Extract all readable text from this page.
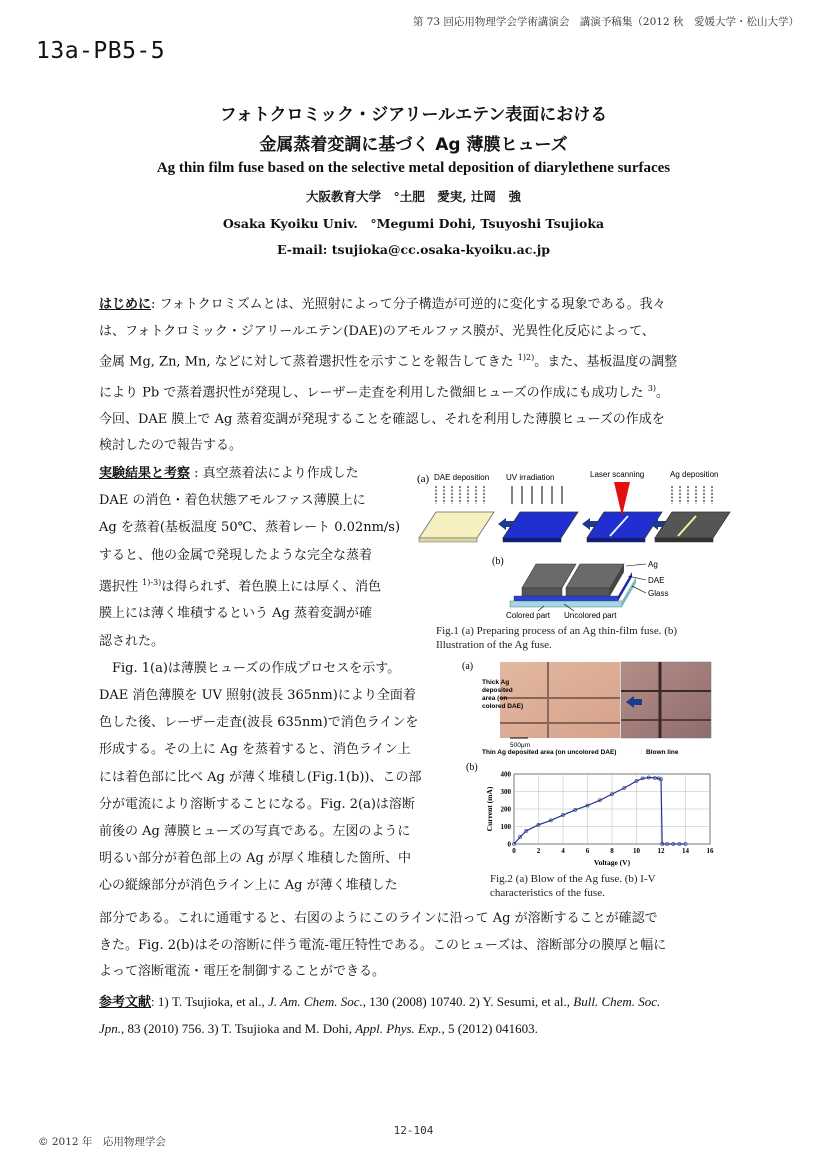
第 73 回応用物理学会学術講演会　講演予稿集（2012 秋　愛媛大学・松山大学）
13a-PB5-5
フォトクロミック・ジアリールエテン表面における
金属蒸着変調に基づく Ag 薄膜ヒューズ
Ag thin film fuse based on the selective metal deposition of diarylethene surfaces
大阪教育大学　°土肥　愛実, 辻岡　強
Osaka Kyoiku Univ.　°Megumi Dohi, Tsuyoshi Tsujioka
E-mail: tsujioka@cc.osaka-kyoiku.ac.jp
はじめに: フォトクロミズムとは、光照射によって分子構造が可逆的に変化する現象である。我々
は、フォトクロミック・ジアリールエテン(DAE)のアモルファス膜が、光異性化反応によって、
金属 Mg, Zn, Mn, などに対して蒸着選択性を示すことを報告してきた $^{1)2)}$。また、基板温度の調整
により Pb で蒸着選択性が発現し、レーザー走査を利用した微細ヒューズの作成にも成功した $^{3)}$。
今回、DAE 膜上で Ag 蒸着変調が発現することを確認し、それを利用した薄膜ヒューズの作成を
検討したので報告する。
実験結果と考察 : 真空蒸着法により作成した
DAE の消色・着色状態アモルファス薄膜上に
Ag を蒸着(基板温度 50℃、蒸着レート 0.02nm/s)
すると、他の金属で発現したような完全な蒸着
選択性 $^{1)-3)}$は得られず、着色膜上には厚く、消色
膜上には薄く堆積するという Ag 蒸着変調が確
認された。
　Fig. 1(a)は薄膜ヒューズの作成プロセスを示す。
DAE 消色薄膜を UV 照射(波長 365nm)により全面着
色した後、レーザー走査(波長 635nm)で消色ラインを
形成する。その上に Ag を蒸着すると、消色ライン上
には着色部に比べ Ag が薄く堆積し(Fig.1(b))、この部
分が電流により溶断することになる。Fig. 2(a)は溶断
前後の Ag 薄膜ヒューズの写真である。左図のように
明るい部分が着色部上の Ag が厚く堆積した箇所、中
心の縦線部分が消色ライン上に Ag が薄く堆積した
部分である。これに通電すると、右図のようにこのラインに沿って Ag が溶断することが確認で
きた。Fig. 2(b)はその溶断に伴う電流-電圧特性である。このヒューズは、溶断部分の膜厚と幅に
よって溶断電流・電圧を制御することができる。
参考文献: 1) T. Tsujioka, et al., J. Am. Chem. Soc., 130 (2008) 10740. 2) Y. Sesumi, et al., Bull. Chem. Soc.
Jpn., 83 (2010) 756. 3) T. Tsujioka and M. Dohi, Appl. Phys. Exp., 5 (2012) 041603.
(a) DAE deposition UV irradiation	Laser scanning	Ag deposition
(b)	Ag
DAE
Glass
Colored part Uncolored part
Fig.1 (a) Preparing process of an Ag thin-film fuse. (b)
Illustration of the Ag fuse.
(a)
Thick Ag
deposited
area (on
colored DAE)
500μm
Thin Ag deposited area (on uncolored DAE)	Blown line
(b)
0	2	4	6	8	10	12	14	16
0
100
200
300
400
Voltage (V)
Current (mA)
Fig.2 (a) Blow of the Ag fuse. (b) I-V
characteristics of the fuse.
© 2012 年　応用物理学会
12-104
